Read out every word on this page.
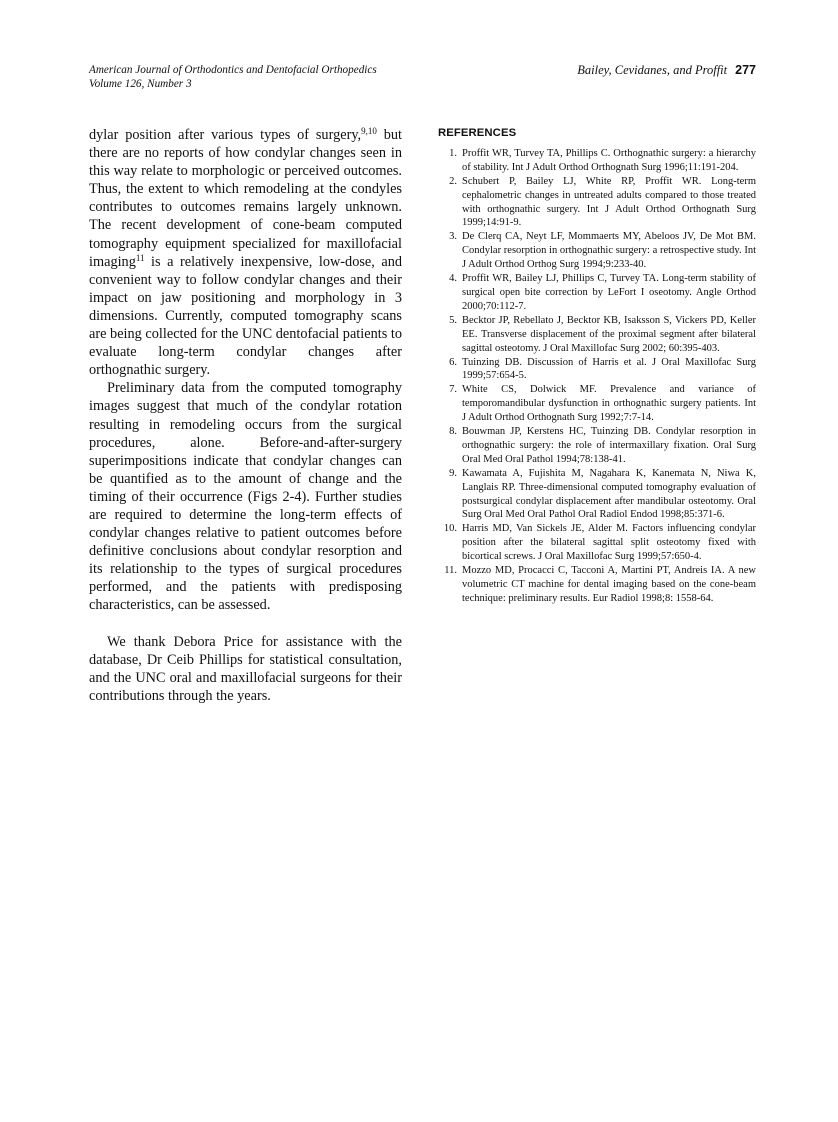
American Journal of Orthodontics and Dentofacial Orthopedics
Volume 126, Number 3
Bailey, Cevidanes, and Proffit 277

dylar position after various types of surgery,$^{9,10}$ but there are no reports of how condylar changes seen in this way relate to morphologic or perceived outcomes. Thus, the extent to which remodeling at the condyles contributes to outcomes remains largely unknown. The recent development of cone-beam computed tomography equipment specialized for maxillofacial imaging$^{11}$ is a relatively inexpensive, low-dose, and convenient way to follow condylar changes and their impact on jaw positioning and morphology in 3 dimensions. Currently, computed tomography scans are being collected for the UNC dentofacial patients to evaluate long-term condylar changes after orthognathic surgery.

Preliminary data from the computed tomography images suggest that much of the condylar rotation resulting in remodeling occurs from the surgical procedures, alone. Before-and-after-surgery superimpositions indicate that condylar changes can be quantified as to the amount of change and the timing of their occurrence (Figs 2-4). Further studies are required to determine the long-term effects of condylar changes relative to patient outcomes before definitive conclusions about condylar resorption and its relationship to the types of surgical procedures performed, and the patients with predisposing characteristics, can be assessed.

We thank Debora Price for assistance with the database, Dr Ceib Phillips for statistical consultation, and the UNC oral and maxillofacial surgeons for their contributions through the years.

REFERENCES
1. Proffit WR, Turvey TA, Phillips C. Orthognathic surgery: a hierarchy of stability. Int J Adult Orthod Orthognath Surg 1996;11:191-204.
2. Schubert P, Bailey LJ, White RP, Proffit WR. Long-term cephalometric changes in untreated adults compared to those treated with orthognathic surgery. Int J Adult Orthod Orthognath Surg 1999;14:91-9.
3. De Clerq CA, Neyt LF, Mommaerts MY, Abeloos JV, De Mot BM. Condylar resorption in orthognathic surgery: a retrospective study. Int J Adult Orthod Orthog Surg 1994;9:233-40.
4. Proffit WR, Bailey LJ, Phillips C, Turvey TA. Long-term stability of surgical open bite correction by LeFort I oseotomy. Angle Orthod 2000;70:112-7.
5. Becktor JP, Rebellato J, Becktor KB, Isaksson S, Vickers PD, Keller EE. Transverse displacement of the proximal segment after bilateral sagittal osteotomy. J Oral Maxillofac Surg 2002; 60:395-403.
6. Tuinzing DB. Discussion of Harris et al. J Oral Maxillofac Surg 1999;57:654-5.
7. White CS, Dolwick MF. Prevalence and variance of temporomandibular dysfunction in orthognathic surgery patients. Int J Adult Orthod Orthognath Surg 1992;7:7-14.
8. Bouwman JP, Kerstens HC, Tuinzing DB. Condylar resorption in orthognathic surgery: the role of intermaxillary fixation. Oral Surg Oral Med Oral Pathol 1994;78:138-41.
9. Kawamata A, Fujishita M, Nagahara K, Kanemata N, Niwa K, Langlais RP. Three-dimensional computed tomography evaluation of postsurgical condylar displacement after mandibular osteotomy. Oral Surg Oral Med Oral Pathol Oral Radiol Endod 1998;85:371-6.
10. Harris MD, Van Sickels JE, Alder M. Factors influencing condylar position after the bilateral sagittal split osteotomy fixed with bicortical screws. J Oral Maxillofac Surg 1999;57:650-4.
11. Mozzo MD, Procacci C, Tacconi A, Martini PT, Andreis IA. A new volumetric CT machine for dental imaging based on the cone-beam technique: preliminary results. Eur Radiol 1998;8: 1558-64.
